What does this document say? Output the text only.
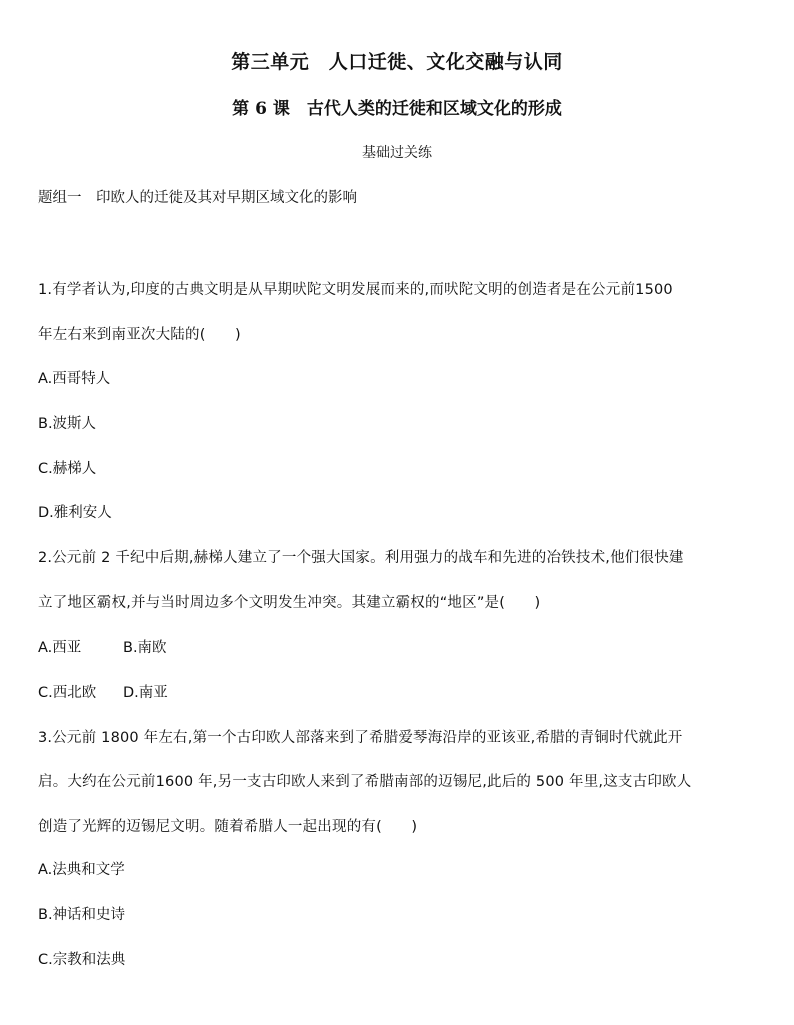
第三单元　人口迁徙、文化交融与认同
第 6 课　古代人类的迁徙和区域文化的形成
基础过关练
题组一　印欧人的迁徙及其对早期区域文化的影响
1.有学者认为,印度的古典文明是从早期吠陀文明发展而来的,而吠陀文明的创造者是在公元前1500
年左右来到南亚次大陆的(　　)
A.西哥特人
B.波斯人
C.赫梯人
D.雅利安人
2.公元前 2 千纪中后期,赫梯人建立了一个强大国家。利用强力的战车和先进的冶铁技术,他们很快建
立了地区霸权,并与当时周边多个文明发生冲突。其建立霸权的“地区”是(　　)
A.西亚	B.南欧
C.西北欧 D.南亚
3.公元前 1800 年左右,第一个古印欧人部落来到了希腊爱琴海沿岸的亚该亚,希腊的青铜时代就此开
启。大约在公元前1600 年,另一支古印欧人来到了希腊南部的迈锡尼,此后的 500 年里,这支古印欧人
创造了光辉的迈锡尼文明。随着希腊人一起出现的有(　　)
A.法典和文学
B.神话和史诗
C.宗教和法典
